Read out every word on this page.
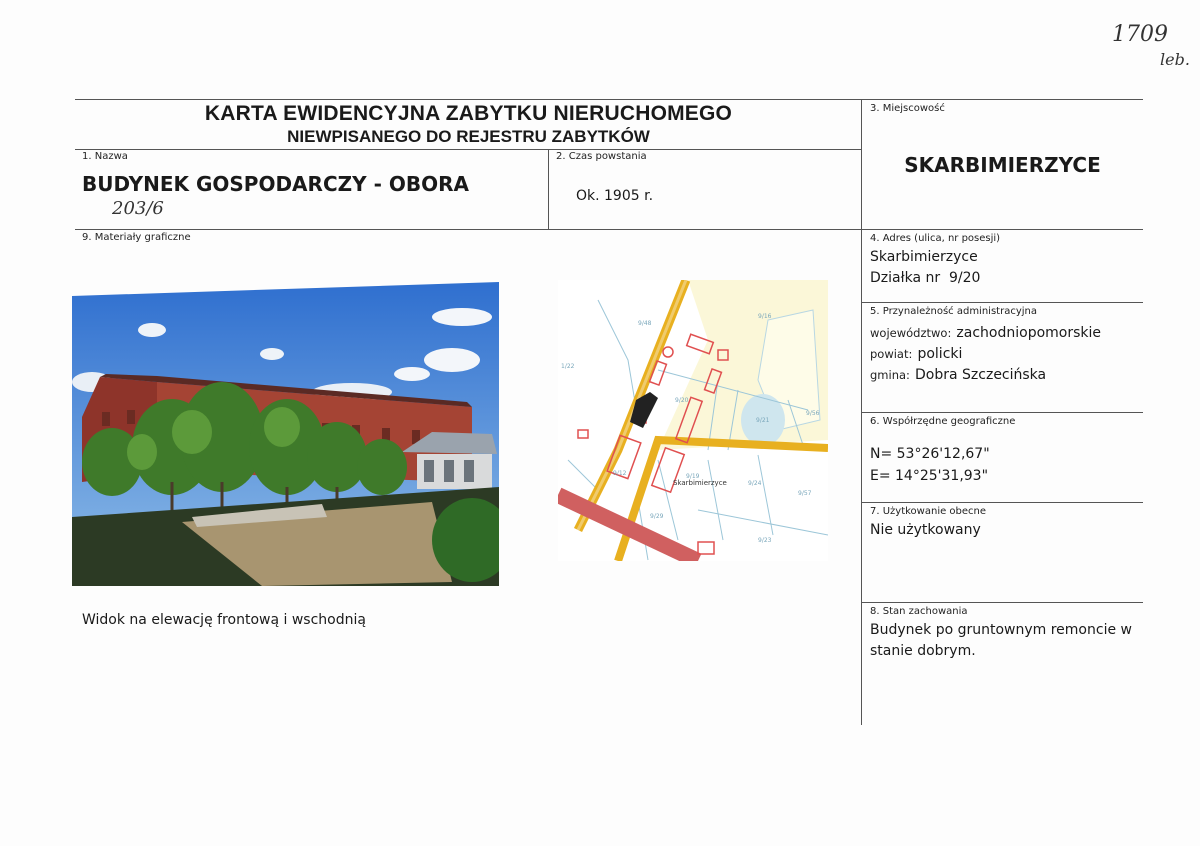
1709
leb.
KARTA EWIDENCYJNA ZABYTKU NIERUCHOMEGO
NIEWPISANEGO DO REJESTRU ZABYTKÓW
1. Nazwa
BUDYNEK GOSPODARCZY - OBORA
203/6
2. Czas powstania
Ok. 1905 r.
3. Miejscowość
SKARBIMIERZYCE
9. Materiały graficzne
9/48
9/16
1/22
9/20
9/56
9/21
9/12	9/19
9/24
9/57
9/29
9/23
Skarbimierzyce
Widok na elewację frontową i wschodnią
4. Adres (ulica, nr posesji)
Skarbimierzyce
Działka nr  9/20
5. Przynależność administracyjna
województwo: zachodniopomorskie
powiat: policki
gmina: Dobra Szczecińska
6. Współrzędne geograficzne
N= 53°26'12,67"
E= 14°25'31,93"
7. Użytkowanie obecne
Nie użytkowany
8. Stan zachowania
Budynek po gruntownym remoncie w
stanie dobrym.
